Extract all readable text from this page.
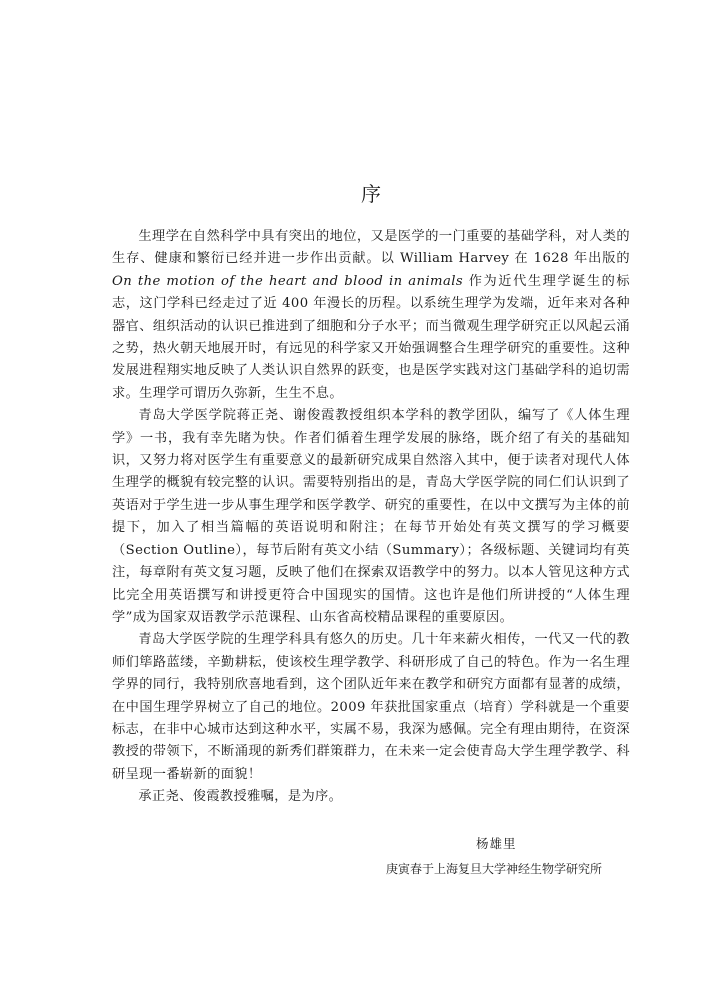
序

生理学在自然科学中具有突出的地位，又是医学的一门重要的基础学科，对人类的生存、健康和繁衍已经并进一步作出贡献。以 William Harvey 在 1628 年出版的 On the motion of the heart and blood in animals 作为近代生理学诞生的标志，这门学科已经走过了近 400 年漫长的历程。以系统生理学为发端，近年来对各种器官、组织活动的认识已推进到了细胞和分子水平；而当微观生理学研究正以风起云涌之势，热火朝天地展开时，有远见的科学家又开始强调整合生理学研究的重要性。这种发展进程翔实地反映了人类认识自然界的跃变，也是医学实践对这门基础学科的追切需求。生理学可谓历久弥新，生生不息。

青岛大学医学院蒋正尧、谢俊霞教授组织本学科的教学团队，编写了《人体生理学》一书，我有幸先睹为快。作者们循着生理学发展的脉络，既介绍了有关的基础知识，又努力将对医学生有重要意义的最新研究成果自然溶入其中，便于读者对现代人体生理学的概貌有较完整的认识。需要特别指出的是，青岛大学医学院的同仁们认识到了英语对于学生进一步从事生理学和医学教学、研究的重要性，在以中文撰写为主体的前提下，加入了相当篇幅的英语说明和附注；在每节开始处有英文撰写的学习概要（Section Outline），每节后附有英文小结（Summary）；各级标题、关键词均有英注，每章附有英文复习题，反映了他们在探索双语教学中的努力。以本人管见这种方式比完全用英语撰写和讲授更符合中国现实的国情。这也许是他们所讲授的“人体生理学”成为国家双语教学示范课程、山东省高校精品课程的重要原因。

青岛大学医学院的生理学科具有悠久的历史。几十年来薪火相传，一代又一代的教师们筚路蓝缕，辛勤耕耘，使该校生理学教学、科研形成了自己的特色。作为一名生理学界的同行，我特别欣喜地看到，这个团队近年来在教学和研究方面都有显著的成绩，在中国生理学界树立了自己的地位。2009 年获批国家重点（培育）学科就是一个重要标志，在非中心城市达到这种水平，实属不易，我深为感佩。完全有理由期待，在资深教授的带领下，不断涌现的新秀们群策群力，在未来一定会使青岛大学生理学教学、科研呈现一番崭新的面貌！

承正尧、俊霞教授雅嘱，是为序。

杨雄里
庚寅春于上海复旦大学神经生物学研究所
